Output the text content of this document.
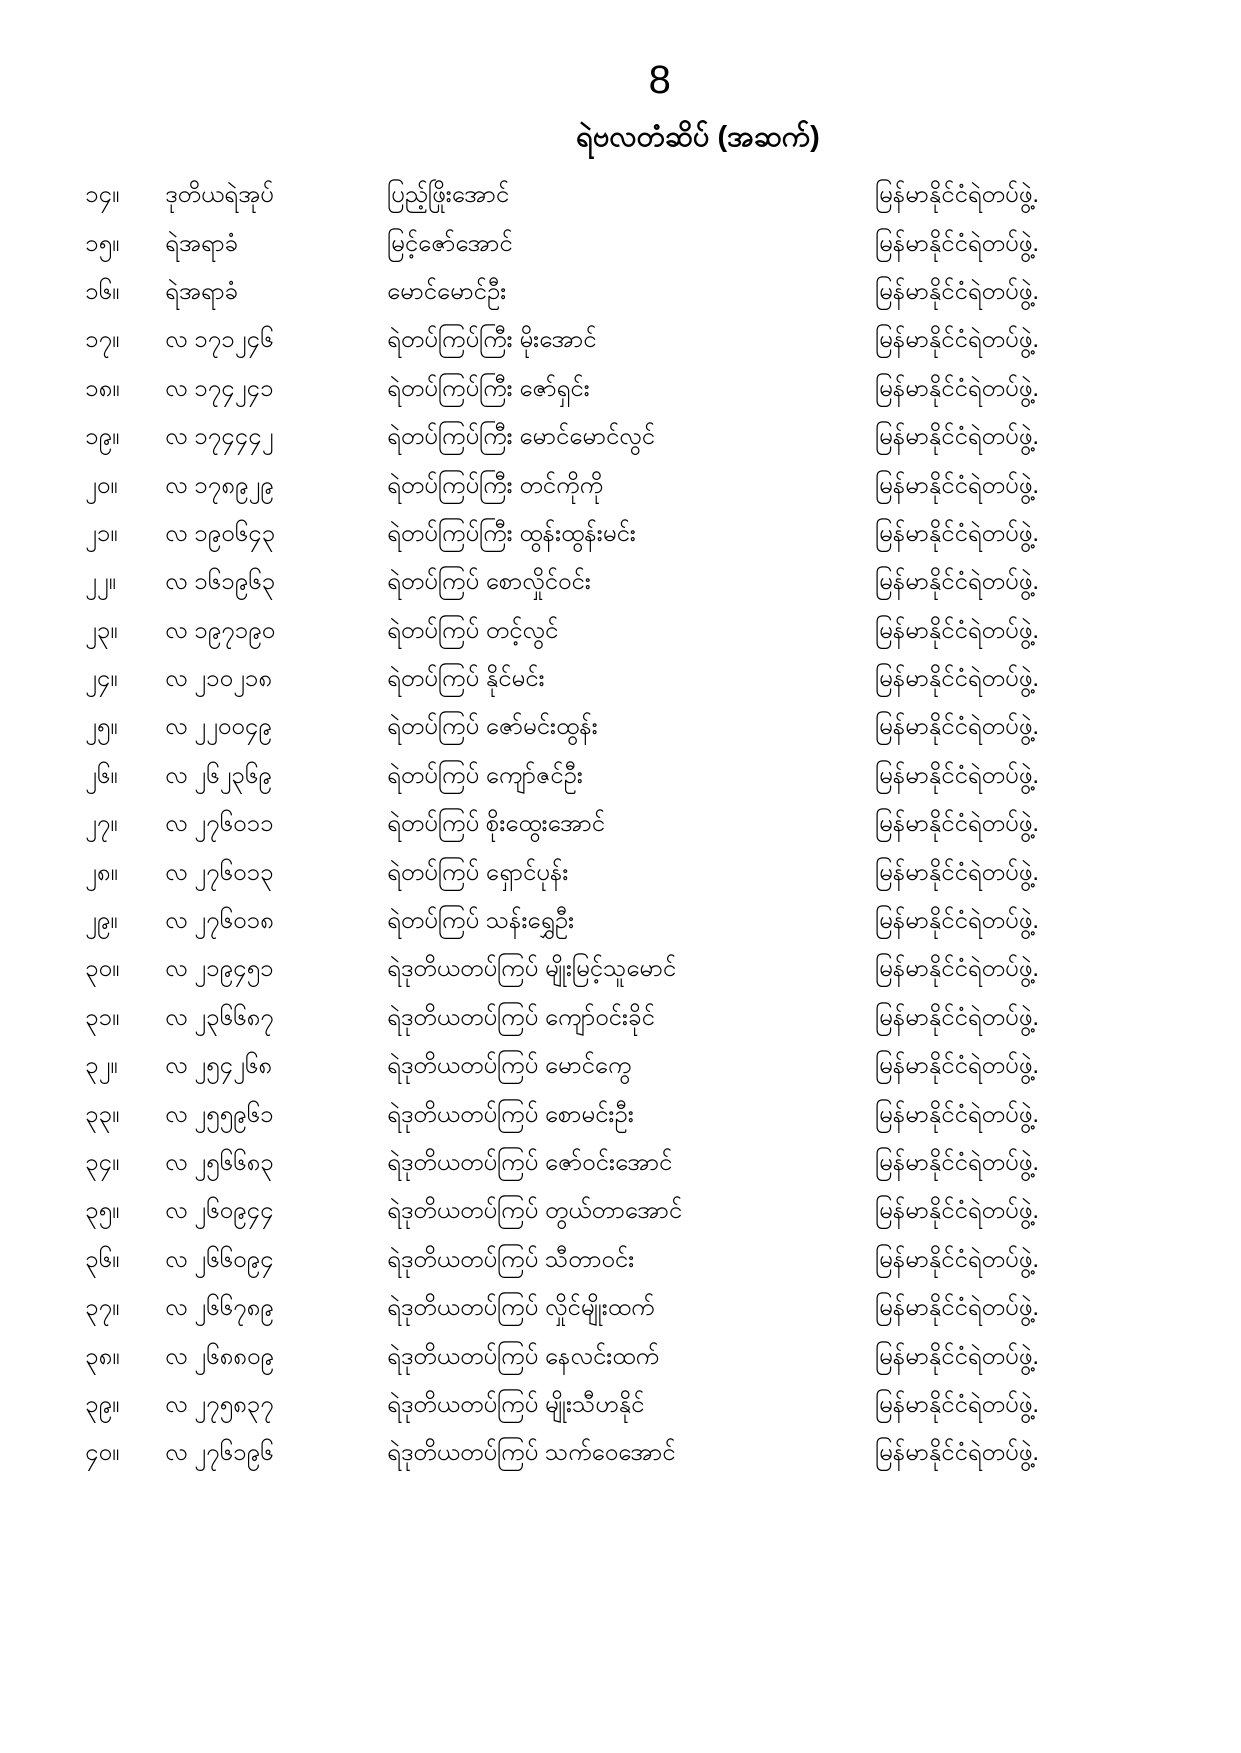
8
ရဲဗလတံဆိပ် (အဆက်)
၁၄။	ဒုတိယရဲအုပ်	ပြည့်ဖြိုးအောင်	မြန်မာနိုင်ငံရဲတပ်ဖွဲ့.
၁၅။	ရဲအရာခံ	မြင့်ဇော်အောင်	မြန်မာနိုင်ငံရဲတပ်ဖွဲ့.
၁၆။	ရဲအရာခံ	မောင်မောင်ဦး	မြန်မာနိုင်ငံရဲတပ်ဖွဲ့.
၁၇။	လ ၁၇၁၂၄၆	ရဲတပ်ကြပ်ကြီး မိုးအောင်	မြန်မာနိုင်ငံရဲတပ်ဖွဲ့.
၁၈။	လ ၁၇၄၂၄၁	ရဲတပ်ကြပ်ကြီး ဇော်ရှင်း	မြန်မာနိုင်ငံရဲတပ်ဖွဲ့.
၁၉။	လ ၁၇၄၄၄၂	ရဲတပ်ကြပ်ကြီး မောင်မောင်လွင်	မြန်မာနိုင်ငံရဲတပ်ဖွဲ့.
၂၀။	လ ၁၇၈၉၂၉	ရဲတပ်ကြပ်ကြီး တင်ကိုကို	မြန်မာနိုင်ငံရဲတပ်ဖွဲ့.
၂၁။	လ ၁၉၀၆၄၃	ရဲတပ်ကြပ်ကြီး ထွန်းထွန်းမင်း	မြန်မာနိုင်ငံရဲတပ်ဖွဲ့.
၂၂။	လ ၁၆၁၉၆၃	ရဲတပ်ကြပ် စောလှိုင်ဝင်း	မြန်မာနိုင်ငံရဲတပ်ဖွဲ့.
၂၃။	လ ၁၉၇၁၉၀	ရဲတပ်ကြပ် တင့်လွင်	မြန်မာနိုင်ငံရဲတပ်ဖွဲ့.
၂၄။	လ ၂၁၀၂၁၈	ရဲတပ်ကြပ် နိုင်မင်း	မြန်မာနိုင်ငံရဲတပ်ဖွဲ့.
၂၅။	လ ၂၂၀၀၄၉	ရဲတပ်ကြပ် ဇော်မင်းထွန်း	မြန်မာနိုင်ငံရဲတပ်ဖွဲ့.
၂၆။	လ ၂၆၂၃၆၉	ရဲတပ်ကြပ် ကျော်ဇင်ဦး	မြန်မာနိုင်ငံရဲတပ်ဖွဲ့.
၂၇။	လ ၂၇၆၀၁၁	ရဲတပ်ကြပ် စိုးထွေးအောင်	မြန်မာနိုင်ငံရဲတပ်ဖွဲ့.
၂၈။	လ ၂၇၆၀၁၃	ရဲတပ်ကြပ် ရှောင်ပုန်း	မြန်မာနိုင်ငံရဲတပ်ဖွဲ့.
၂၉။	လ ၂၇၆၀၁၈	ရဲတပ်ကြပ် သန်းရွှေဦး	မြန်မာနိုင်ငံရဲတပ်ဖွဲ့.
၃၀။	လ ၂၁၉၄၅၁	ရဲဒုတိယတပ်ကြပ် မျိုးမြင့်သူမောင်	မြန်မာနိုင်ငံရဲတပ်ဖွဲ့.
၃၁။	လ ၂၃၆၆၈၇	ရဲဒုတိယတပ်ကြပ် ကျော်ဝင်းခိုင်	မြန်မာနိုင်ငံရဲတပ်ဖွဲ့.
၃၂။	လ ၂၅၄၂၆၈	ရဲဒုတိယတပ်ကြပ် မောင်ကွေ	မြန်မာနိုင်ငံရဲတပ်ဖွဲ့.
၃၃။	လ ၂၅၅၉၆၁	ရဲဒုတိယတပ်ကြပ် စောမင်းဦး	မြန်မာနိုင်ငံရဲတပ်ဖွဲ့.
၃၄။	လ ၂၅၆၆၈၃	ရဲဒုတိယတပ်ကြပ် ဇော်ဝင်းအောင်	မြန်မာနိုင်ငံရဲတပ်ဖွဲ့.
၃၅။	လ ၂၆၀၉၄၄	ရဲဒုတိယတပ်ကြပ် တွယ်တာအောင်	မြန်မာနိုင်ငံရဲတပ်ဖွဲ့.
၃၆။	လ ၂၆၆၀၉၄	ရဲဒုတိယတပ်ကြပ် သီတာဝင်း	မြန်မာနိုင်ငံရဲတပ်ဖွဲ့.
၃၇။	လ ၂၆၆၇၈၉	ရဲဒုတိယတပ်ကြပ် လှိုင်မျိုးထက်	မြန်မာနိုင်ငံရဲတပ်ဖွဲ့.
၃၈။	လ ၂၆၈၈၀၉	ရဲဒုတိယတပ်ကြပ် နေလင်းထက်	မြန်မာနိုင်ငံရဲတပ်ဖွဲ့.
၃၉။	လ ၂၇၅၈၃၇	ရဲဒုတိယတပ်ကြပ် မျိုးသီဟနိုင်	မြန်မာနိုင်ငံရဲတပ်ဖွဲ့.
၄၀။	လ ၂၇၆၁၉၆	ရဲဒုတိယတပ်ကြပ် သက်ဝေအောင်	မြန်မာနိုင်ငံရဲတပ်ဖွဲ့.
